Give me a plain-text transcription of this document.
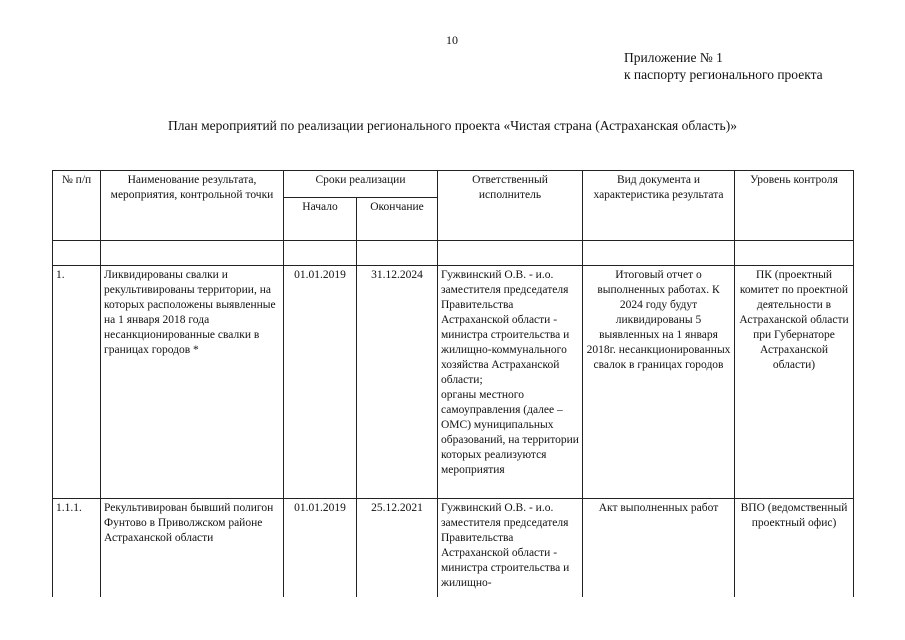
10
Приложение № 1
к паспорту регионального проекта
План мероприятий по реализации регионального проекта «Чистая страна (Астраханская область)»
№ п/п	Наименование результата, мероприятия, контрольной точки	Сроки реализации		Ответственный исполнитель	Вид документа и характеристика результата	Уровень контроля
		Начало	Окончание			

1.	Ликвидированы свалки и рекультивированы территории, на которых расположены выявленные на 1 января 2018 года несанкционированные свалки в границах городов *	01.01.2019	31.12.2024	Гужвинский О.В. - и.о. заместителя председателя Правительства Астраханской области - министра строительства и жилищно-коммунального хозяйства Астраханской области;
органы местного самоуправления (далее – ОМС) муниципальных образований, на территории которых реализуются мероприятия	Итоговый отчет о выполненных работах. К 2024 году будут ликвидированы 5 выявленных на 1 января 2018г. несанкционированных свалок в границах городов	ПК (проектный комитет по проектной деятельности в Астраханской области при Губернаторе Астраханской области)
1.1.1.	Рекультивирован бывший полигон Фунтово в Приволжском районе Астраханской области	01.01.2019	25.12.2021	Гужвинский О.В. - и.о. заместителя председателя Правительства Астраханской области - министра строительства и жилищно-	Акт выполненных работ	ВПО (ведомственный проектный офис)
